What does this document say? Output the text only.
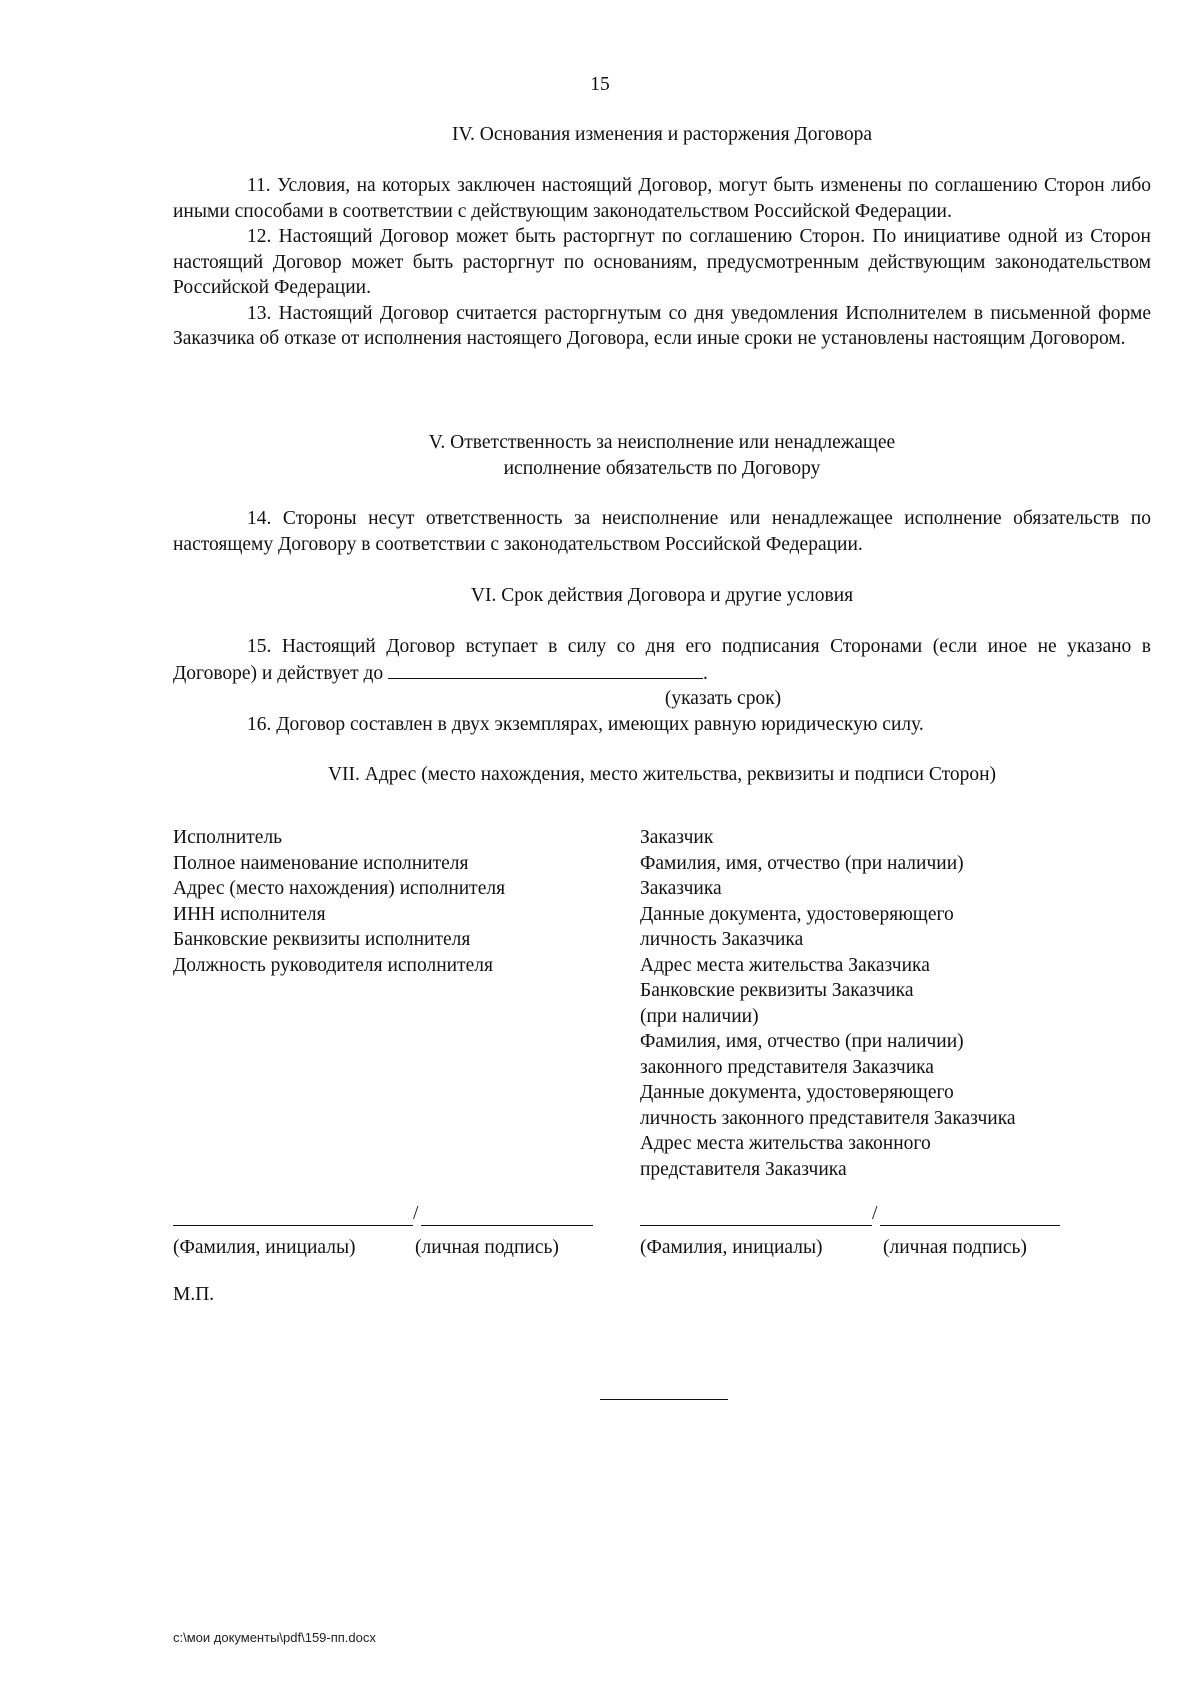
15
IV. Основания изменения и расторжения Договора

11. Условия, на которых заключен настоящий Договор, могут быть изменены по соглашению Сторон либо иными способами в соответствии с действующим законодательством Российской Федерации.

12. Настоящий Договор может быть расторгнут по соглашению Сторон. По инициативе одной из Сторон настоящий Договор может быть расторгнут по основаниям, предусмотренным действующим законодательством Российской Федерации.

13. Настоящий Договор считается расторгнутым со дня уведомления Исполнителем в письменной форме Заказчика об отказе от исполнения настоящего Договора, если иные сроки не установлены настоящим Договором.

V. Ответственность за неисполнение или ненадлежащее
исполнение обязательств по Договору

14. Стороны несут ответственность за неисполнение или ненадлежащее исполнение обязательств по настоящему Договору в соответствии с законодательством Российской Федерации.

VI. Срок действия Договора и другие условия

15. Настоящий Договор вступает в силу со дня его подписания Сторонами (если иное не указано в Договоре) и действует до	.

(указать срок)

16. Договор составлен в двух экземплярах, имеющих равную юридическую силу.

VII. Адрес (место нахождения, место жительства, реквизиты и подписи Сторон)
Исполнитель
Полное наименование исполнителя
Адрес (место нахождения) исполнителя
ИНН исполнителя
Банковские реквизиты исполнителя
Должность руководителя исполнителя
Заказчик
Фамилия, имя, отчество (при наличии)
Заказчика
Данные документа, удостоверяющего
личность Заказчика
Адрес места жительства Заказчика
Банковские реквизиты Заказчика
(при наличии)
Фамилия, имя, отчество (при наличии)
законного представителя Заказчика
Данные документа, удостоверяющего
личность законного представителя Заказчика
Адрес места жительства законного
представителя Заказчика
/	/
(Фамилия, инициалы)	(личная подпись)	(Фамилия, инициалы)	(личная подпись)
М.П.
c:\мои документы\pdf\159-пп.docx
